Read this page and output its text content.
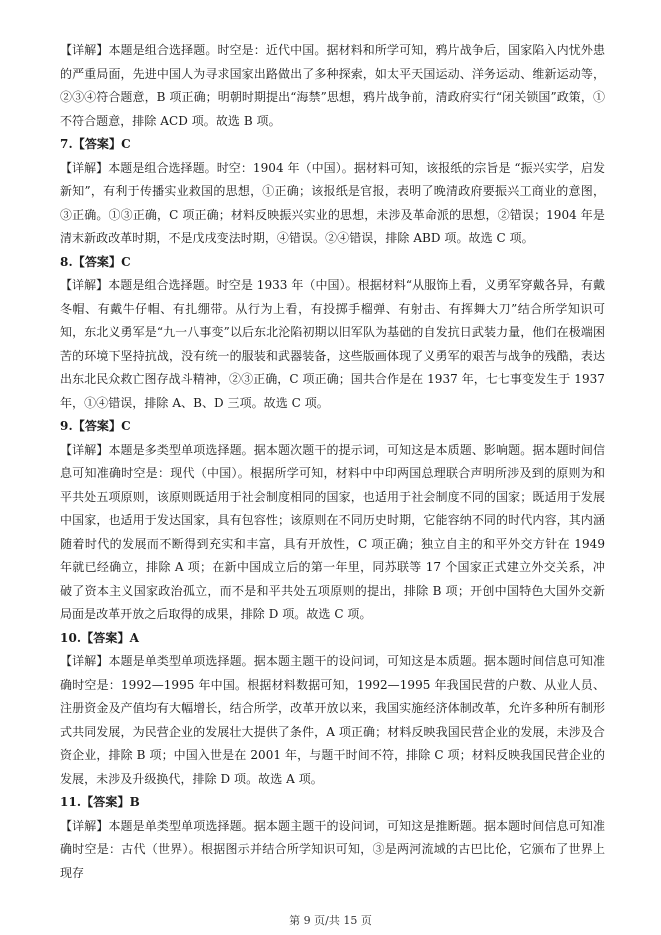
【详解】本题是组合选择题。时空是：近代中国。据材料和所学可知，鸦片战争后，国家陷入内忧外患的严重局面，先进中国人为寻求国家出路做出了多种探索，如太平天国运动、洋务运动、维新运动等，②③④符合题意，B 项正确；明朝时期提出“海禁”思想，鸦片战争前，清政府实行“闭关锁国”政策，①不符合题意，排除 ACD 项。故选 B 项。

7.【答案】C

【详解】本题是组合选择题。时空：1904 年（中国）。据材料可知，该报纸的宗旨是 “振兴实学，启发新知”，有利于传播实业救国的思想，①正确；该报纸是官报，表明了晚清政府要振兴工商业的意图，③正确。①③正确，C 项正确；材料反映振兴实业的思想，未涉及革命派的思想，②错误；1904 年是清末新政改革时期，不是戊戌变法时期，④错误。②④错误，排除 ABD 项。故选 C 项。

8.【答案】C

【详解】本题是组合选择题。时空是 1933 年（中国）。根据材料“从服饰上看，义勇军穿戴各异，有戴冬帽、有戴牛仔帽、有扎绷带。从行为上看，有投掷手榴弹、有射击、有挥舞大刀”结合所学知识可知，东北义勇军是“九一八事变”以后东北沦陷初期以旧军队为基础的自发抗日武装力量，他们在极端困苦的环境下坚持抗战，没有统一的服装和武器装备，这些版画体现了义勇军的艰苦与战争的残酷，表达出东北民众救亡图存战斗精神，②③正确，C 项正确；国共合作是在 1937 年，七七事变发生于 1937 年，①④错误，排除 A、B、D 三项。故选 C 项。

9.【答案】C

【详解】本题是多类型单项选择题。据本题次题干的提示词，可知这是本质题、影响题。据本题时间信息可知准确时空是：现代（中国）。根据所学可知，材料中中印两国总理联合声明所涉及到的原则为和平共处五项原则，该原则既适用于社会制度相同的国家，也适用于社会制度不同的国家；既适用于发展中国家，也适用于发达国家，具有包容性；该原则在不同历史时期，它能容纳不同的时代内容，其内涵随着时代的发展而不断得到充实和丰富，具有开放性，C 项正确；独立自主的和平外交方针在 1949 年就已经确立，排除 A 项；在新中国成立后的第一年里，同苏联等 17 个国家正式建立外交关系，冲破了资本主义国家政治孤立，而不是和平共处五项原则的提出，排除 B 项；开创中国特色大国外交新局面是改革开放之后取得的成果，排除 D 项。故选 C 项。

10.【答案】A

【详解】本题是单类型单项选择题。据本题主题干的设问词，可知这是本质题。据本题时间信息可知准确时空是：1992—1995 年中国。根据材料数据可知，1992—1995 年我国民营的户数、从业人员、注册资金及产值均有大幅增长，结合所学，改革开放以来，我国实施经济体制改革，允许多种所有制形式共同发展，为民营企业的发展壮大提供了条件，A 项正确；材料反映我国民营企业的发展，未涉及合资企业，排除 B 项；中国入世是在 2001 年，与题干时间不符，排除 C 项；材料反映我国民营企业的发展，未涉及升级换代，排除 D 项。故选 A 项。

11.【答案】B

【详解】本题是单类型单项选择题。据本题主题干的设问词，可知这是推断题。据本题时间信息可知准确时空是：古代（世界）。根据图示并结合所学知识可知，③是两河流域的古巴比伦，它颁布了世界上现存

第 9 页/共 15 页
